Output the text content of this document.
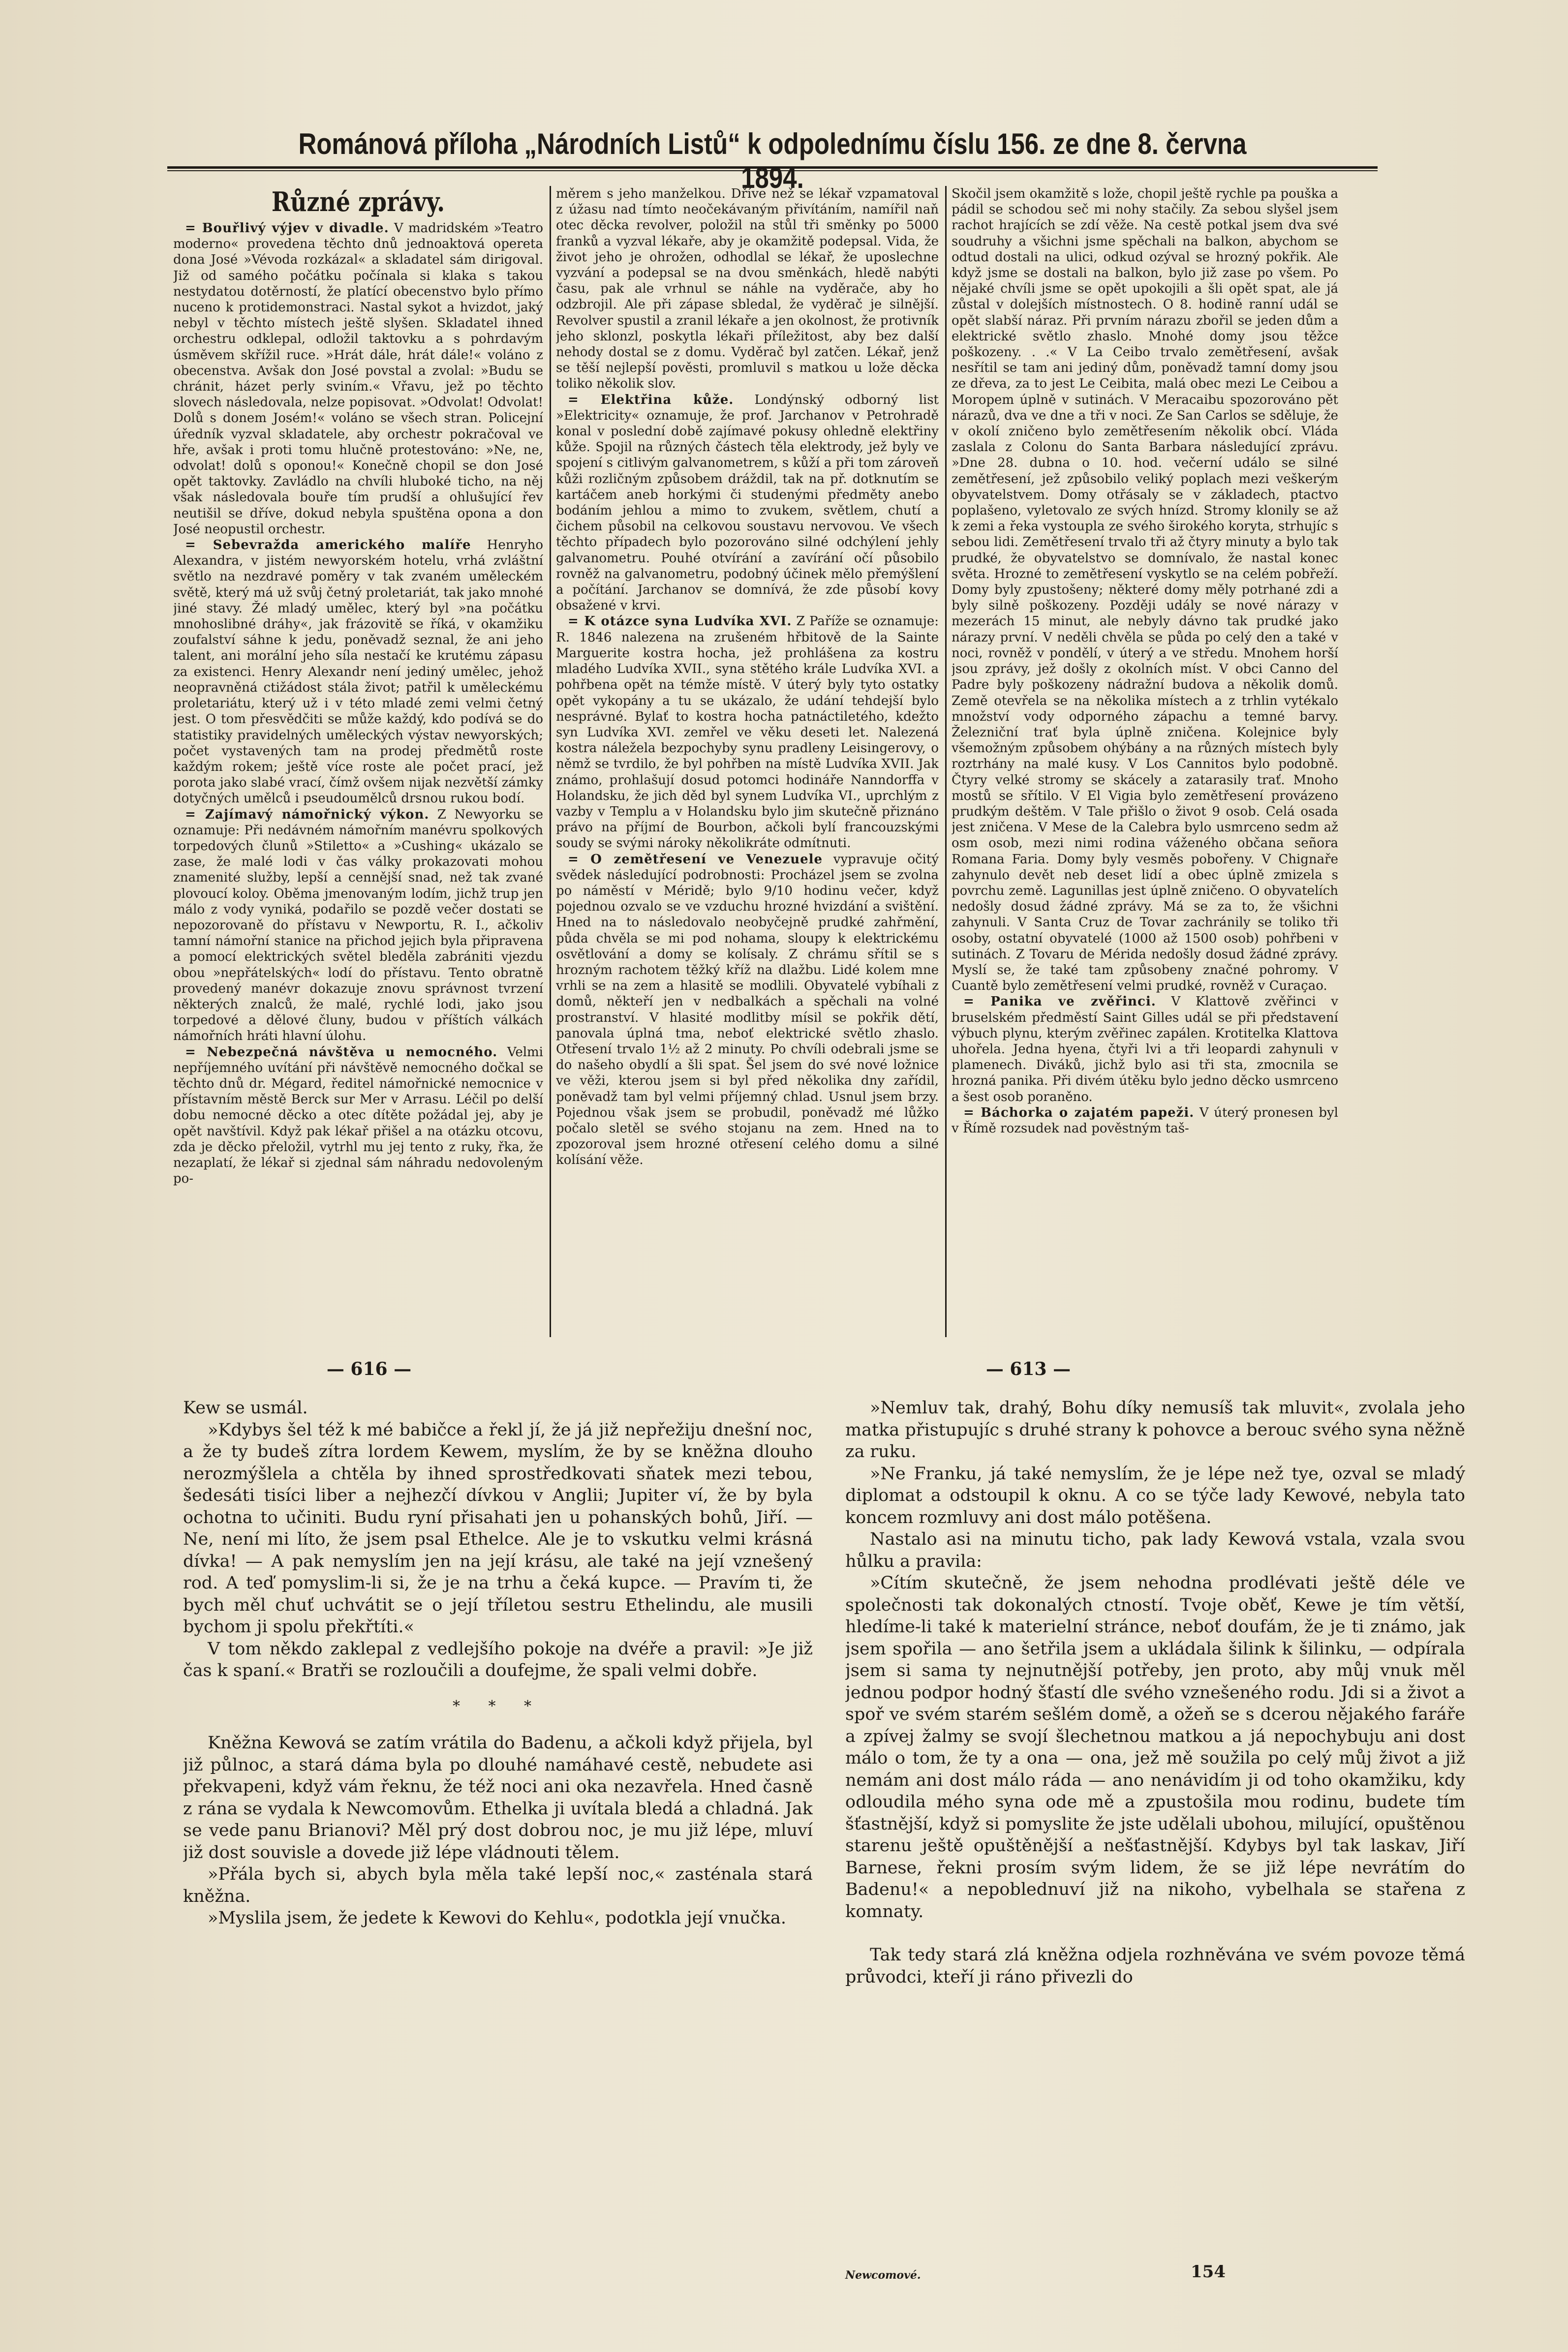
Románová příloha „Národních Listů“ k odpolednímu číslu 156. ze dne 8. června 1894.
Různé zprávy.

= Bouřlivý výjev v divadle. V madridském »Teatro moderno« provedena těchto dnů jednoaktová opereta dona José »Vévoda rozkázal« a skladatel sám dirigoval. Již od samého počátku počínala si klaka s takou nestydatou dotěrností, že platící obecenstvo bylo přímo nuceno k protidemonstraci. Nastal sykot a hvizdot, jaký nebyl v těchto místech ještě slyšen. Skladatel ihned orchestru odklepal, odložil taktovku a s pohrdavým úsměvem skřížil ruce. »Hrát dále, hrát dále!« voláno z obecenstva. Avšak don José povstal a zvolal: »Budu se chránit, házet perly sviním.« Vřavu, jež po těchto slovech následovala, nelze popisovat. »Odvolat! Odvolat! Dolů s donem Josém!« voláno se všech stran. Policejní úředník vyzval skladatele, aby orchestr pokračoval ve hře, avšak i proti tomu hlučně protestováno: »Ne, ne, odvolat! dolů s oponou!« Konečně chopil se don José opět taktovky. Zavládlo na chvíli hluboké ticho, na něj však následovala bouře tím prudší a ohlušující řev neutišil se dříve, dokud nebyla spuštěna opona a don José neopustil orchestr.

= Sebevražda amerického malíře Henryho Alexandra, v jistém newyorském hotelu, vrhá zvláštní světlo na nezdravé poměry v tak zvaném uměleckém světě, který má už svůj četný proletariát, tak jako mnohé jiné stavy. Žé mladý umělec, který byl »na počátku mnohoslibné dráhy«, jak frázovitě se říká, v okamžiku zoufalství sáhne k jedu, poněvadž seznal, že ani jeho talent, ani morální jeho síla nestačí ke krutému zápasu za existenci. Henry Alexandr není jediný umělec, jehož neopravněná ctižádost stála život; patřil k uměleckému proletariátu, který už i v této mladé zemi velmi četný jest. O tom přesvědčiti se může každý, kdo podívá se do statistiky pravidelných uměleckých výstav newyorských; počet vystavených tam na prodej předmětů roste každým rokem; ještě více roste ale počet prací, jež porota jako slabé vrací, čímž ovšem nijak nezvětší zámky dotyčných umělců i pseudoumělců drsnou rukou bodí.

= Zajímavý námořnický výkon. Z Newyorku se oznamuje: Při nedávném námořním manévru spolkových torpedových člunů »Stiletto« a »Cushing« ukázalo se zase, že malé lodi v čas války prokazovati mohou znamenité služby, lepší a cennější snad, než tak zvané plovoucí koloy. Oběma jmenovaným lodím, jichž trup jen málo z vody vyniká, podařilo se pozdě večer dostati se nepozorovaně do přístavu v Newportu, R. I., ačkoliv tamní námořní stanice na přichod jejich byla připravena a pomocí elektrických světel bleděla zabrániti vjezdu obou »nepřátelských« lodí do přístavu. Tento obratně provedený manévr dokazuje znovu správnost tvrzení některých znalců, že malé, rychlé lodi, jako jsou torpedové a dělové čluny, budou v příštích válkách námořních hráti hlavní úlohu.

= Nebezpečná návštěva u nemocného. Velmi nepříjemného uvítání při návštěvě nemocného dočkal se těchto dnů dr. Mégard, ředitel námořnické nemocnice v přístavním městě Berck sur Mer v Arrasu. Léčil po delší dobu nemocné děcko a otec dítěte požádal jej, aby je opět navštívil. Když pak lékař přišel a na otázku otcovu, zda je děcko přeložil, vytrhl mu jej tento z ruky, řka, že nezaplatí, že lékař si zjednal sám náhradu nedovoleným po-

měrem s jeho manželkou. Dříve než se lékař vzpamatoval z úžasu nad tímto neočekávaným přivítáním, namířil naň otec děcka revolver, položil na stůl tři směnky po 5000 franků a vyzval lékaře, aby je okamžitě podepsal. Vida, že život jeho je ohrožen, odhodlal se lékař, že uposlechne vyzvání a podepsal se na dvou směnkách, hledě nabýti času, pak ale vrhnul se náhle na vyděrače, aby ho odzbrojil. Ale při zápase sbledal, že vyděrač je silnější. Revolver spustil a zranil lékaře a jen okolnost, že protivník jeho sklonzl, poskytla lékaři příležitost, aby bez další nehody dostal se z domu. Vyděrač byl zatčen. Lékař, jenž se těší nejlepší pověsti, promluvil s matkou u lože děcka toliko několik slov.

= Elektřina kůže. Londýnský odborný list »Elektricity« oznamuje, že prof. Jarchanov v Petrohradě konal v poslední době zajímavé pokusy ohledně elektřiny kůže. Spojil na různých částech těla elektrody, jež byly ve spojení s citlivým galvanometrem, s kůží a při tom zároveň kůži rozličným způsobem dráždil, tak na př. dotknutím se kartáčem aneb horkými či studenými předměty anebo bodáním jehlou a mimo to zvukem, světlem, chutí a čichem působil na celkovou soustavu nervovou. Ve všech těchto případech bylo pozorováno silné odchýlení jehly galvanometru. Pouhé otvírání a zavírání očí působilo rovněž na galvanometru, podobný účinek mělo přemýšlení a počítání. Jarchanov se domnívá, že zde působí kovy obsažené v krvi.

= K otázce syna Ludvíka XVI. Z Paříže se oznamuje: R. 1846 nalezena na zrušeném hřbitově de la Sainte Marguerite kostra hocha, jež prohlášena za kostru mladého Ludvíka XVII., syna stětého krále Ludvíka XVI. a pohřbena opět na témže místě. V úterý byly tyto ostatky opět vykopány a tu se ukázalo, že udání tehdejší bylo nesprávné. Bylať to kostra hocha patnáctiletého, kdežto syn Ludvíka XVI. zemřel ve věku deseti let. Nalezená kostra náležela bezpochyby synu pradleny Leisingerovy, o němž se tvrdilo, že byl pohřben na místě Ludvíka XVII. Jak známo, prohlašují dosud potomci hodináře Nanndorffa v Holandsku, že jich děd byl synem Ludvíka VI., uprchlým z vazby v Templu a v Holandsku bylo jim skutečně přiznáno právo na příjmí de Bourbon, ačkoli bylí francouzskými soudy se svými nároky několikráte odmítnuti.

= O zemětřesení ve Venezuele vypravuje očitý svědek následující podrobnosti: Procházel jsem se zvolna po náměstí v Méridě; bylo 9/10 hodinu večer, když pojednou ozvalo se ve vzduchu hrozné hvizdání a svištění. Hned na to následovalo neobyčejně prudké zahřmění, půda chvěla se mi pod nohama, sloupy k elektrickému osvětlování a domy se kolísaly. Z chrámu sřítil se s hrozným rachotem těžký kříž na dlažbu. Lidé kolem mne vrhli se na zem a hlasitě se modlili. Obyvatelé vybíhali z domů, někteří jen v nedbalkách a spěchali na volné prostranství. V hlasité modlitby mísil se pokřik dětí, panovala úplná tma, neboť elektrické světlo zhaslo. Otřesení trvalo 1½ až 2 minuty. Po chvíli odebrali jsme se do našeho obydlí a šli spat. Šel jsem do své nové ložnice ve věži, kterou jsem si byl před několika dny zařídil, poněvadž tam byl velmi příjemný chlad. Usnul jsem brzy. Pojednou však jsem se probudil, poněvadž mé lůžko počalo sletěl se svého stojanu na zem. Hned na to zpozoroval jsem hrozné otřesení celého domu a silné kolísání věže.

Skočil jsem okamžitě s lože, chopil ještě rychle pa pouška a pádil se schodou seč mi nohy stačily. Za sebou slyšel jsem rachot hrajících se zdí věže. Na cestě potkal jsem dva své soudruhy a všichni jsme spěchali na balkon, abychom se odtud dostali na ulici, odkud ozýval se hrozný pokřik. Ale když jsme se dostali na balkon, bylo již zase po všem. Po nějaké chvíli jsme se opět upokojili a šli opět spat, ale já zůstal v dolejších místnostech. O 8. hodině ranní udál se opět slabší náraz. Při prvním nárazu zbořil se jeden dům a elektrické světlo zhaslo. Mnohé domy jsou těžce poškozeny. . .« V La Ceibo trvalo zemětřesení, avšak nesřítil se tam ani jediný dům, poněvadž tamní domy jsou ze dřeva, za to jest Le Ceibita, malá obec mezi Le Ceibou a Moropem úplně v sutinách. V Meracaibu spozorováno pět nárazů, dva ve dne a tři v noci. Ze San Carlos se sděluje, že v okolí zničeno bylo zemětřesením několik obcí. Vláda zaslala z Colonu do Santa Barbara následující zprávu. »Dne 28. dubna o 10. hod. večerní událo se silné zemětřesení, jež způsobilo veliký poplach mezi veškerým obyvatelstvem. Domy otřásaly se v základech, ptactvo poplašeno, vyletovalo ze svých hnízd. Stromy klonily se až k zemi a řeka vystoupla ze svého širokého koryta, strhujíc s sebou lidi. Zemětřesení trvalo tři až čtyry minuty a bylo tak prudké, že obyvatelstvo se domnívalo, že nastal konec světa. Hrozné to zemětřesení vyskytlo se na celém pobřeží. Domy byly zpustošeny; některé domy měly potrhané zdi a byly silně poškozeny. Později udály se nové nárazy v mezerách 15 minut, ale nebyly dávno tak prudké jako nárazy první. V neděli chvěla se půda po celý den a také v noci, rovněž v pondělí, v úterý a ve středu. Mnohem horší jsou zprávy, jež došly z okolních míst. V obci Canno del Padre byly poškozeny nádražní budova a několik domů. Země otevřela se na několika místech a z trhlin vytékalo množství vody odporného zápachu a temné barvy. Železniční trať byla úplně zničena. Kolejnice byly všemožným způsobem ohýbány a na různých místech byly roztrhány na malé kusy. V Los Cannitos bylo podobně. Čtyry velké stromy se skácely a zatarasily trať. Mnoho mostů se sřítilo. V El Vigia bylo zemětřesení provázeno prudkým deštěm. V Tale přišlo o život 9 osob. Celá osada jest zničena. V Mese de la Calebra bylo usmrceno sedm až osm osob, mezi nimi rodina váženého občana señora Romana Faria. Domy byly vesměs pobořeny. V Chignaře zahynulo devět neb deset lidí a obec úplně zmizela s povrchu země. Lagunillas jest úplně zničeno. O obyvatelích nedošly dosud žádné zprávy. Má se za to, že všichni zahynuli. V Santa Cruz de Tovar zachránily se toliko tři osoby, ostatní obyvatelé (1000 až 1500 osob) pohřbeni v sutinách. Z Tovaru de Mérida nedošly dosud žádné zprávy. Myslí se, že také tam způsobeny značné pohromy. V Cuantě bylo zemětřesení velmi prudké, rovněž v Curaçao.

= Panika ve zvěřinci. V Klattově zvěřinci v bruselském předměstí Saint Gilles udál se při představení výbuch plynu, kterým zvěřinec zapálen. Krotitelka Klattova uhořela. Jedna hyena, čtyři lvi a tři leopardi zahynuli v plamenech. Diváků, jichž bylo asi tři sta, zmocnila se hrozná panika. Při divém útěku bylo jedno děcko usmrceno a šest osob poraněno.

= Báchorka o zajatém papeži. V úterý pronesen byl v Římě rozsudek nad pověstným taš-

— 616 —	— 613 —

Kew se usmál.

»Kdybys šel též k mé babičce a řekl jí, že já již nepřežiju dnešní noc, a že ty budeš zítra lordem Kewem, myslím, že by se kněžna dlouho nerozmýšlela a chtěla by ihned sprostředkovati sňatek mezi tebou, šedesáti tisíci liber a nejhezčí dívkou v Anglii; Jupiter ví, že by byla ochotna to učiniti. Budu ryní přisahati jen u pohanských bohů, Jiří. — Ne, není mi líto, že jsem psal Ethelce. Ale je to vskutku velmi krásná dívka! — A pak nemyslím jen na její krásu, ale také na její vznešený rod. A teď pomyslim-li si, že je na trhu a čeká kupce. — Pravím ti, že bych měl chuť uchvátit se o její tříletou sestru Ethelindu, ale musili bychom ji spolu překřtíti.«

V tom někdo zaklepal z vedlejšího pokoje na dvéře a pravil: »Je již čas k spaní.« Bratři se rozloučili a doufejme, že spali velmi dobře.

* * *

Kněžna Kewová se zatím vrátila do Badenu, a ačkoli když přijela, byl již půlnoc, a stará dáma byla po dlouhé namáhavé cestě, nebudete asi překvapeni, když vám řeknu, že též noci ani oka nezavřela. Hned časně z rána se vydala k Newcomovům. Ethelka ji uvítala bledá a chladná. Jak se vede panu Brianovi? Měl prý dost dobrou noc, je mu již lépe, mluví již dost souvisle a dovede již lépe vládnouti tělem.

»Přála bych si, abych byla měla také lepší noc,« zasténala stará kněžna.

»Myslila jsem, že jedete k Kewovi do Kehlu«, podotkla její vnučka.

»Nemluv tak, drahý, Bohu díky nemusíš tak mluvit«, zvolala jeho matka přistupujíc s druhé strany k pohovce a berouc svého syna něžně za ruku.

»Ne Franku, já také nemyslím, že je lépe než tye, ozval se mladý diplomat a odstoupil k oknu. A co se týče lady Kewové, nebyla tato koncem rozmluvy ani dost málo potěšena.

Nastalo asi na minutu ticho, pak lady Kewová vstala, vzala svou hůlku a pravila:

»Cítím skutečně, že jsem nehodna prodlévati ještě déle ve společnosti tak dokonalých ctností. Tvoje oběť, Kewe je tím větší, hledíme-li také k materielní stránce, neboť doufám, že je ti známo, jak jsem spořila — ano šetřila jsem a ukládala šilink k šilinku, — odpírala jsem si sama ty nejnutnější potřeby, jen proto, aby můj vnuk měl jednou podpor hodný šťastí dle svého vznešeného rodu. Jdi si a život a spoř ve svém starém sešlém domě, a ožeň se s dcerou nějakého faráře a zpívej žalmy se svojí šlechetnou matkou a já nepochybuju ani dost málo o tom, že ty a ona — ona, jež mě soužila po celý můj život a již nemám ani dost málo ráda — ano nenávidím ji od toho okamžiku, kdy odloudila mého syna ode mě a zpustošila mou rodinu, budete tím šťastnější, když si pomyslite že jste udělali ubohou, milující, opuštěnou starenu ještě opuštěnější a nešťastnější. Kdybys byl tak laskav, Jiří Barnese, řekni prosím svým lidem, že se již lépe nevrátím do Badenu!« a nepoblednuví již na nikoho, vybelhala se stařena z komnaty.

Tak tedy stará zlá kněžna odjela rozhněvána ve svém povoze těmá průvodci, kteří ji ráno přivezli do

Newcomové.	154
